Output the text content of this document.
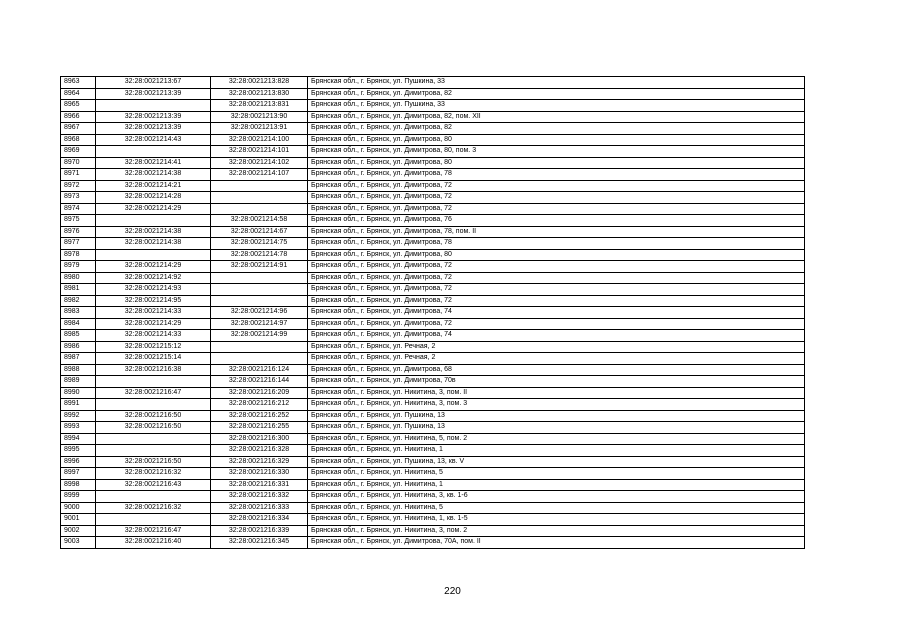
8963	32:28:0021213:67	32:28:0021213:828	Брянская обл., г. Брянск, ул. Пушкина, 33
8964	32:28:0021213:39	32:28:0021213:830	Брянская обл., г. Брянск, ул. Димитрова, 82
8965		32:28:0021213:831	Брянская обл., г. Брянск, ул. Пушкина, 33
8966	32:28:0021213:39	32:28:0021213:90	Брянская обл., г. Брянск, ул. Димитрова, 82, пом. XII
8967	32:28:0021213:39	32:28:0021213:91	Брянская обл., г. Брянск, ул. Димитрова, 82
8968	32:28:0021214:43	32:28:0021214:100	Брянская обл., г. Брянск, ул. Димитрова, 80
8969		32:28:0021214:101	Брянская обл., г. Брянск, ул. Димитрова, 80, пом. 3
8970	32:28:0021214:41	32:28:0021214:102	Брянская обл., г. Брянск, ул. Димитрова, 80
8971	32:28:0021214:38	32:28:0021214:107	Брянская обл., г. Брянск, ул. Димитрова, 78
8972	32:28:0021214:21		Брянская обл., г. Брянск, ул. Димитрова, 72
8973	32:28:0021214:28		Брянская обл., г. Брянск, ул. Димитрова, 72
8974	32:28:0021214:29		Брянская обл., г. Брянск, ул. Димитрова, 72
8975		32:28:0021214:58	Брянская обл., г. Брянск, ул. Димитрова, 76
8976	32:28:0021214:38	32:28:0021214:67	Брянская обл., г. Брянск, ул. Димитрова, 78, пом. II
8977	32:28:0021214:38	32:28:0021214:75	Брянская обл., г. Брянск, ул. Димитрова, 78
8978		32:28:0021214:78	Брянская обл., г. Брянск, ул. Димитрова, 80
8979	32:28:0021214:29	32:28:0021214:91	Брянская обл., г. Брянск, ул. Димитрова, 72
8980	32:28:0021214:92		Брянская обл., г. Брянск, ул. Димитрова, 72
8981	32:28:0021214:93		Брянская обл., г. Брянск, ул. Димитрова, 72
8982	32:28:0021214:95		Брянская обл., г. Брянск, ул. Димитрова, 72
8983	32:28:0021214:33	32:28:0021214:96	Брянская обл., г. Брянск, ул. Димитрова, 74
8984	32:28:0021214:29	32:28:0021214:97	Брянская обл., г. Брянск, ул. Димитрова, 72
8985	32:28:0021214:33	32:28:0021214:99	Брянская обл., г. Брянск, ул. Димитрова, 74
8986	32:28:0021215:12		Брянская обл., г. Брянск, ул. Речная, 2
8987	32:28:0021215:14		Брянская обл., г. Брянск, ул. Речная, 2
8988	32:28:0021216:38	32:28:0021216:124	Брянская обл., г. Брянск, ул. Димитрова, 68
8989		32:28:0021216:144	Брянская обл., г. Брянск, ул. Димитрова, 70в
8990	32:28:0021216:47	32:28:0021216:209	Брянская обл., г. Брянск, ул. Никитина, 3, пом. II
8991		32:28:0021216:212	Брянская обл., г. Брянск, ул. Никитина, 3, пом. 3
8992	32:28:0021216:50	32:28:0021216:252	Брянская обл., г. Брянск, ул. Пушкина, 13
8993	32:28:0021216:50	32:28:0021216:255	Брянская обл., г. Брянск, ул. Пушкина, 13
8994		32:28:0021216:300	Брянская обл., г. Брянск, ул. Никитина, 5, пом. 2
8995		32:28:0021216:328	Брянская обл., г. Брянск, ул. Никитина, 1
8996	32:28:0021216:50	32:28:0021216:329	Брянская обл., г. Брянск, ул. Пушкина, 13, кв. V
8997	32:28:0021216:32	32:28:0021216:330	Брянская обл., г. Брянск, ул. Никитина, 5
8998	32:28:0021216:43	32:28:0021216:331	Брянская обл., г. Брянск, ул. Никитина, 1
8999		32:28:0021216:332	Брянская обл., г. Брянск, ул. Никитина, 3, кв. 1-6
9000	32:28:0021216:32	32:28:0021216:333	Брянская обл., г. Брянск, ул. Никитина, 5
9001		32:28:0021216:334	Брянская обл., г. Брянск, ул. Никитина, 1, кв. 1-5
9002	32:28:0021216:47	32:28:0021216:339	Брянская обл., г. Брянск, ул. Никитина, 3, пом. 2
9003	32:28:0021216:40	32:28:0021216:345	Брянская обл., г. Брянск, ул. Димитрова, 70А, пом. II
220
